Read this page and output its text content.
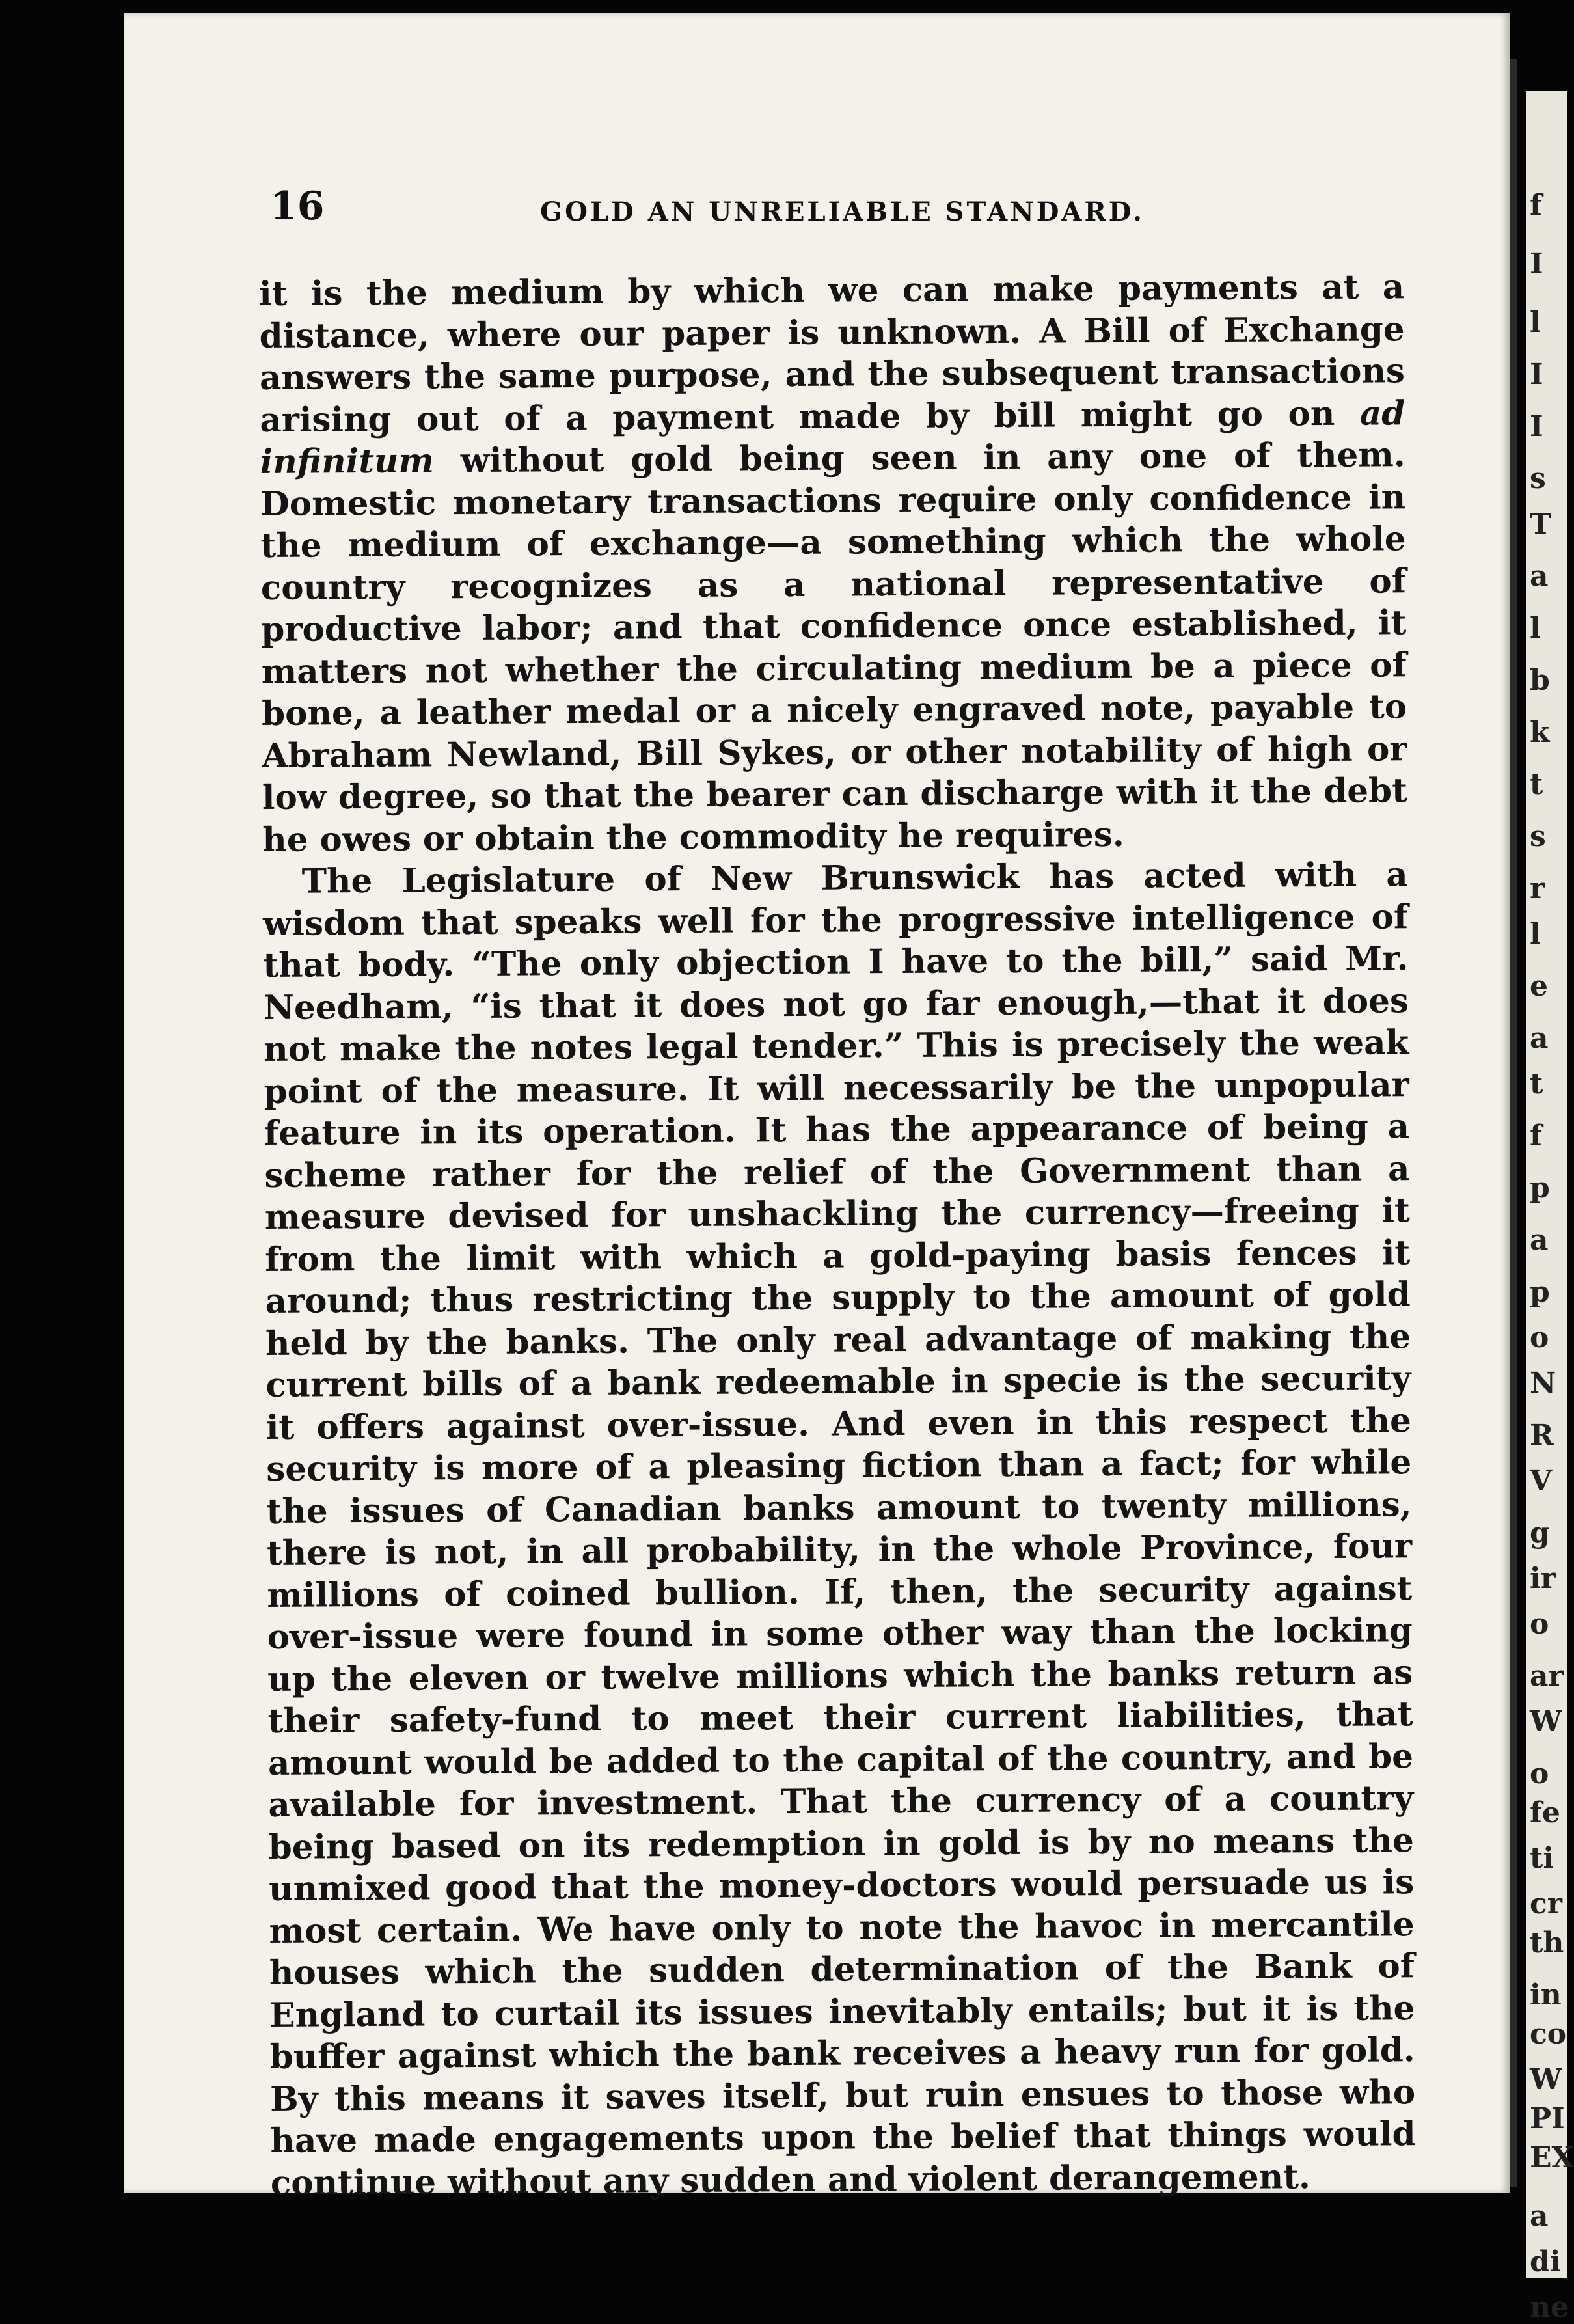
f
I
l
I
I
s
T
a
l
b
k
t
s
r
l
e
a
t
f
p
a
p
o
N
R
V
g
ir
o
ar
W
o
fe
ti
cr
th
in
co
W
PI
EX
a
di
ne
16	GOLD AN UNRELIABLE STANDARD.

it is the medium by which we can make payments at a distance, where our paper is unknown. A Bill of Exchange answers the same purpose, and the subsequent transactions arising out of a payment made by bill might go on ad infinitum without gold being seen in any one of them. Domestic monetary transactions require only confidence in the medium of exchange—a something which the whole country recognizes as a national representative of productive labor; and that confidence once established, it matters not whether the circulating medium be a piece of bone, a leather medal or a nicely engraved note, payable to Abraham Newland, Bill Sykes, or other notability of high or low degree, so that the bearer can discharge with it the debt he owes or obtain the commodity he requires.

The Legislature of New Brunswick has acted with a wisdom that speaks well for the progressive intelligence of that body. “The only objection I have to the bill,” said Mr. Needham, “is that it does not go far enough,—that it does not make the notes legal tender.” This is precisely the weak point of the measure. It will necessarily be the unpopular feature in its operation. It has the appearance of being a scheme rather for the relief of the Government than a measure devised for unshackling the currency—freeing it from the limit with which a gold-paying basis fences it around; thus restricting the supply to the amount of gold held by the banks. The only real advantage of making the current bills of a bank redeemable in specie is the security it offers against over-issue. And even in this respect the security is more of a pleasing fiction than a fact; for while the issues of Canadian banks amount to twenty millions, there is not, in all probability, in the whole Province, four millions of coined bullion. If, then, the security against over-issue were found in some other way than the locking up the eleven or twelve millions which the banks return as their safety-fund to meet their current liabilities, that amount would be added to the capital of the country, and be available for investment. That the currency of a country being based on its redemption in gold is by no means the unmixed good that the money-doctors would persuade us is most certain. We have only to note the havoc in mercantile houses which the sudden determination of the Bank of England to curtail its issues inevitably entails; but it is the buffer against which the bank receives a heavy run for gold. By this means it saves itself, but ruin ensues to those who have made engagements upon the belief that things would continue without any sudden and violent derangement.
